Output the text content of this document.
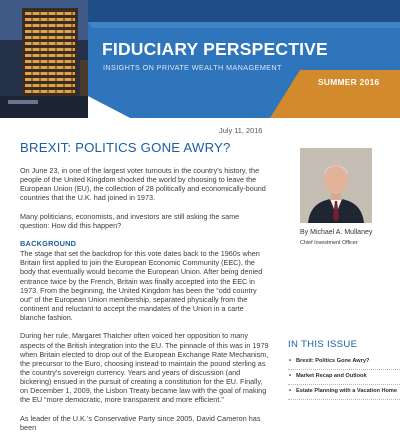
FIDUCIARY PERSPECTIVE
INSIGHTS ON PRIVATE WEALTH MANAGEMENT
SUMMER 2016
July 11, 2016
BREXIT: POLITICS GONE AWRY?

On June 23, in one of the largest voter turnouts in the country’s history, the people of the United Kingdom shocked the world by choosing to leave the European Union (EU), the collection of 28 politically and economically-bound countries that the U.K. had joined in 1973.

Many politicians, economists, and investors are still asking the same question: How did this happen?

BACKGROUND

The stage that set the backdrop for this vote dates back to the 1960s when Britain first applied to join the European Economic Community (EEC), the body that eventually would become the European Union. After being denied entrance twice by the French, Britain was finally accepted into the EEC in 1973. From the beginning, the United Kingdom has been the “odd country out” of the European Union membership, separated physically from the continent and reluctant to accept the mandates of the Union in a carte blanche fashion.

During her rule, Margaret Thatcher often voiced her opposition to many aspects of the British integration into the EU. The pinnacle of this was in 1979 when Britain elected to drop out of the European Exchange Rate Mechanism, the precursor to the Euro, choosing instead to maintain the pound sterling as the country’s sovereign currency. Years and years of discussion (and bickering) ensued in the pursuit of creating a constitution for the EU. Finally, on December 1, 2009, the Lisbon Treaty became law with the goal of making the EU “more democratic, more transparent and more efficient.”

As leader of the U.K.’s Conservative Party since 2005, David Cameron has been

By Michael A. Mullaney
Chief Investment Officer
IN THIS ISSUE
• Brexit: Politics Gone Awry?
• Market Recap and Outlook
• Estate Planning with a Vacation Home
